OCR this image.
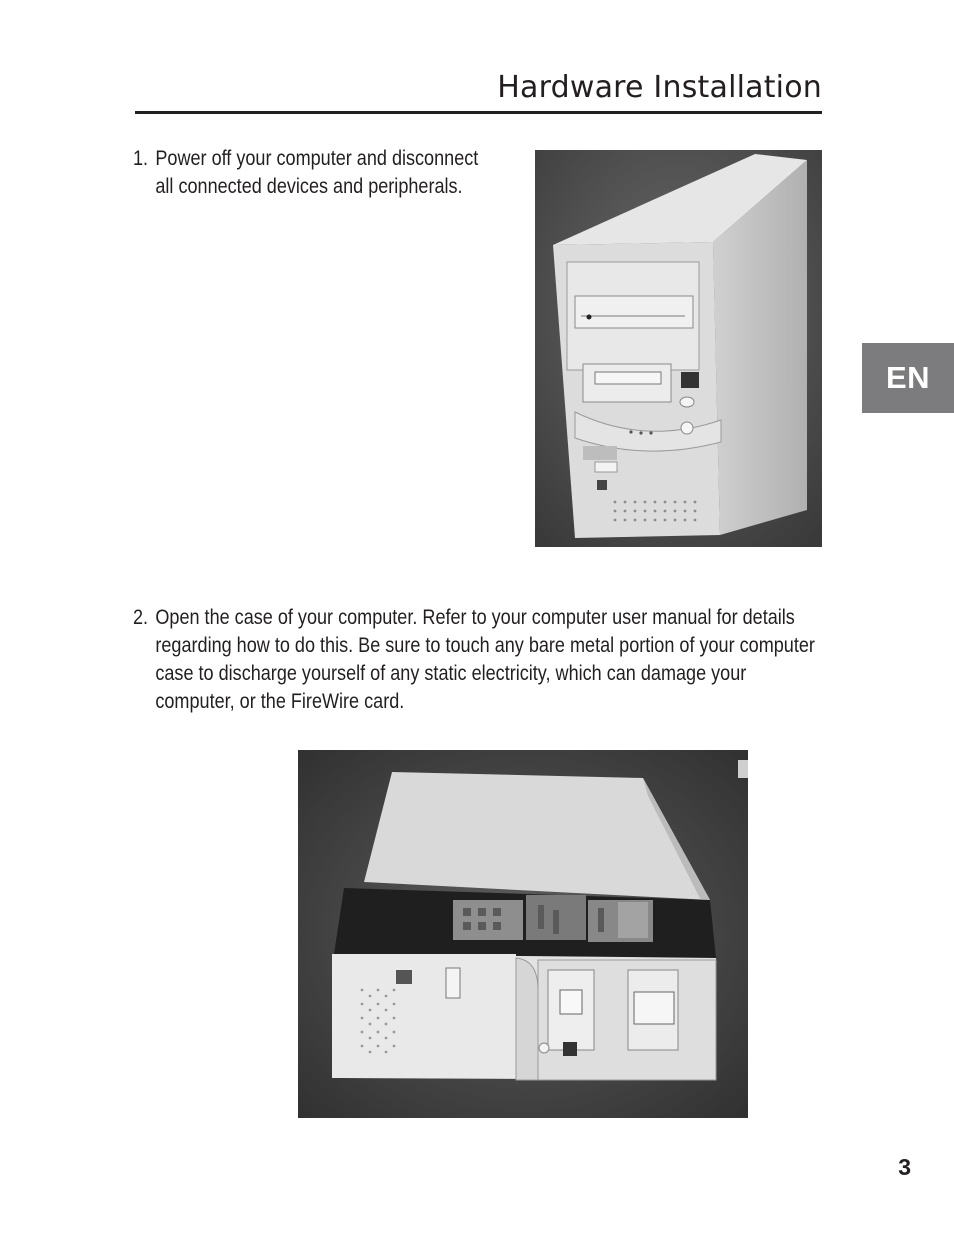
Hardware Installation
1. Power off your computer and disconnect all connected devices and peripherals.
2. Open the case of your computer. Refer to your computer user manual for details regarding how to do this. Be sure to touch any bare metal portion of your computer case to discharge yourself of any static electricity, which can damage your computer, or the FireWire card.
EN
3
